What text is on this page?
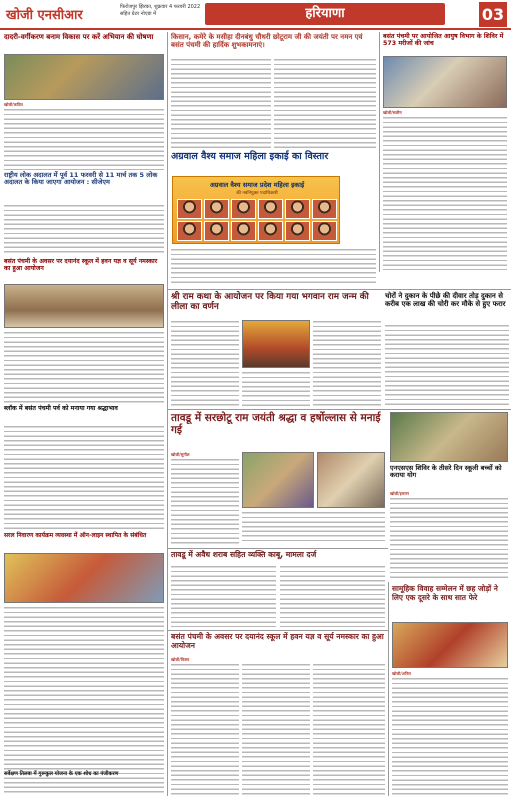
खोजी एनसीआर
फिरोजपुर झिरका, शुक्रवार 4 फरवरी 2022
सहित ग्रेटर नोएडा में	हरियाणा	03
दादरी-वर्गीकरण बनाम विकास पर करें अभियान की घोषणा
खोजी/कपिल
राष्ट्रीय लोक अदालत में पूर्व 11 फरवरी से 11 मार्च तक 5 लोक अदालत के किया जाएगा आयोजन : सीजेएम
बसंत पंचमी के अवसर पर दयानंद स्कूल में हवन यज्ञ व सूर्य नमस्कार का हुआ आयोजन
ब्लॉक में बसंत पंचमी पर्व को मनाया गया श्रद्धाभाव
सरल निवारण कार्यक्रम व्यवस्था में ऑन-लाइन स्थापित के संबंधित
किसान, कमेरे के मसीहा दीनबंधु चौधरी छोटूराम जी की जयंती पर नमन एवं बसंत पंचमी की हार्दिक शुभकामनाएं।
अग्रवाल वैश्य समाज महिला इकाई का विस्तार
अग्रवाल वैश्य समाज प्रदेश महिला इकाई
की नवनियुक्त पदाधिकारी
बसंत पंचमी पर आयोजित आयुष विभाग के शिविर में 573 मरीजों की जांच
खोजी/सलीम
श्री राम कथा के आयोजन पर किया गया भगवान राम जन्म की लीला का वर्णन
चोरों ने दुकान के पीछे की दीवार तोड़ दुकान से करीब एक लाख की चोरी कर मौके से हुए फरार
तावडू में सरछोटू राम जयंती श्रद्धा व हर्षोल्लास से मनाई गई
खोजी/सुनील
एनएसएस शिविर के तीसरे दिन स्कूली बच्चों को कराया योग
खोजी/इमरान
तावडू में अवैध शराब सहित व्यक्ति काबू, मामला दर्ज
बसंत पंचमी के अवसर पर दयानंद स्कूल में हवन यज्ञ व सूर्य नमस्कार का हुआ आयोजन
खोजी/विजय
सामूहिक विवाह सम्मेलन में छह जोड़ों ने लिए एक दूसरे के साथ सात फेरे
खोजी/अनिल
सर्वेक्षण तिलवा में गुरूकुल योजना के एक शोध का पंजीकरण
